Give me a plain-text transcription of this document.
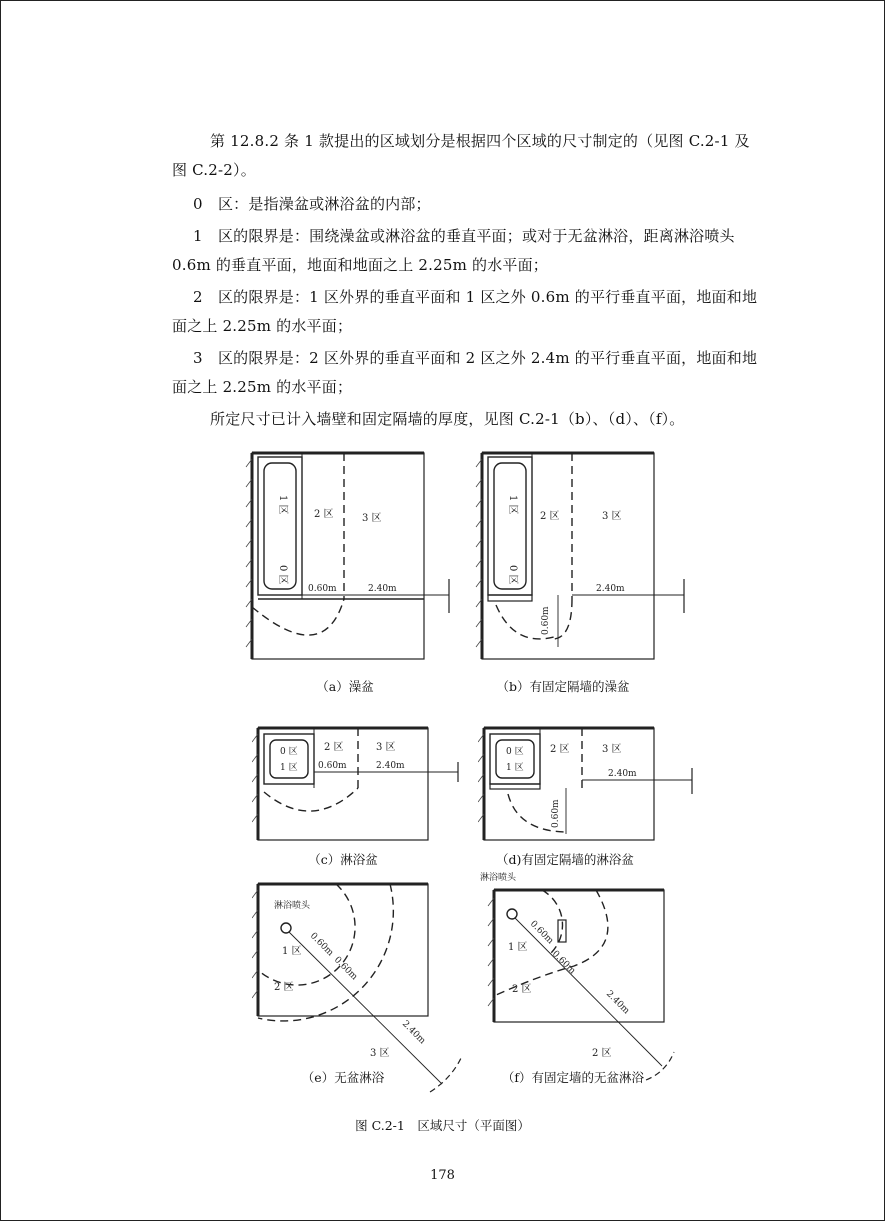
第 12.8.2 条 1 款提出的区域划分是根据四个区域的尺寸制定的（见图 C.2-1 及图 C.2-2）。

0　区：是指澡盆或淋浴盆的内部；

1　区的限界是：围绕澡盆或淋浴盆的垂直平面；或对于无盆淋浴，距离淋浴喷头 0.6m 的垂直平面，地面和地面之上 2.25m 的水平面；

2　区的限界是：1 区外界的垂直平面和 1 区之外 0.6m 的平行垂直平面，地面和地面之上 2.25m 的水平面；

3　区的限界是：2 区外界的垂直平面和 2 区之外 2.4m 的平行垂直平面，地面和地面之上 2.25m 的水平面；

所定尺寸已计入墙壁和固定隔墙的厚度，见图 C.2-1（b）、（d）、（f）。

1 区
0 区
2 区	3 区
0.60m	2.40m
1 区
0 区
2 区	3 区
0.60m
2.40m
（a）澡盆	（b）有固定隔墙的澡盆
0 区
1 区
2 区	3 区
0.60m	2.40m
0 区
1 区
2 区	3 区
0.60m
2.40m
（c）淋浴盆	（d)有固定隔墙的淋浴盆
淋浴喷头
1 区
2 区
3 区
0.60m
0.60m
2.40m
淋浴喷头
1 区
2 区
2 区
0.60m
0.60m
2.40m
（e）无盆淋浴	（f）有固定墙的无盆淋浴
图 C.2-1　区域尺寸（平面图）
178
